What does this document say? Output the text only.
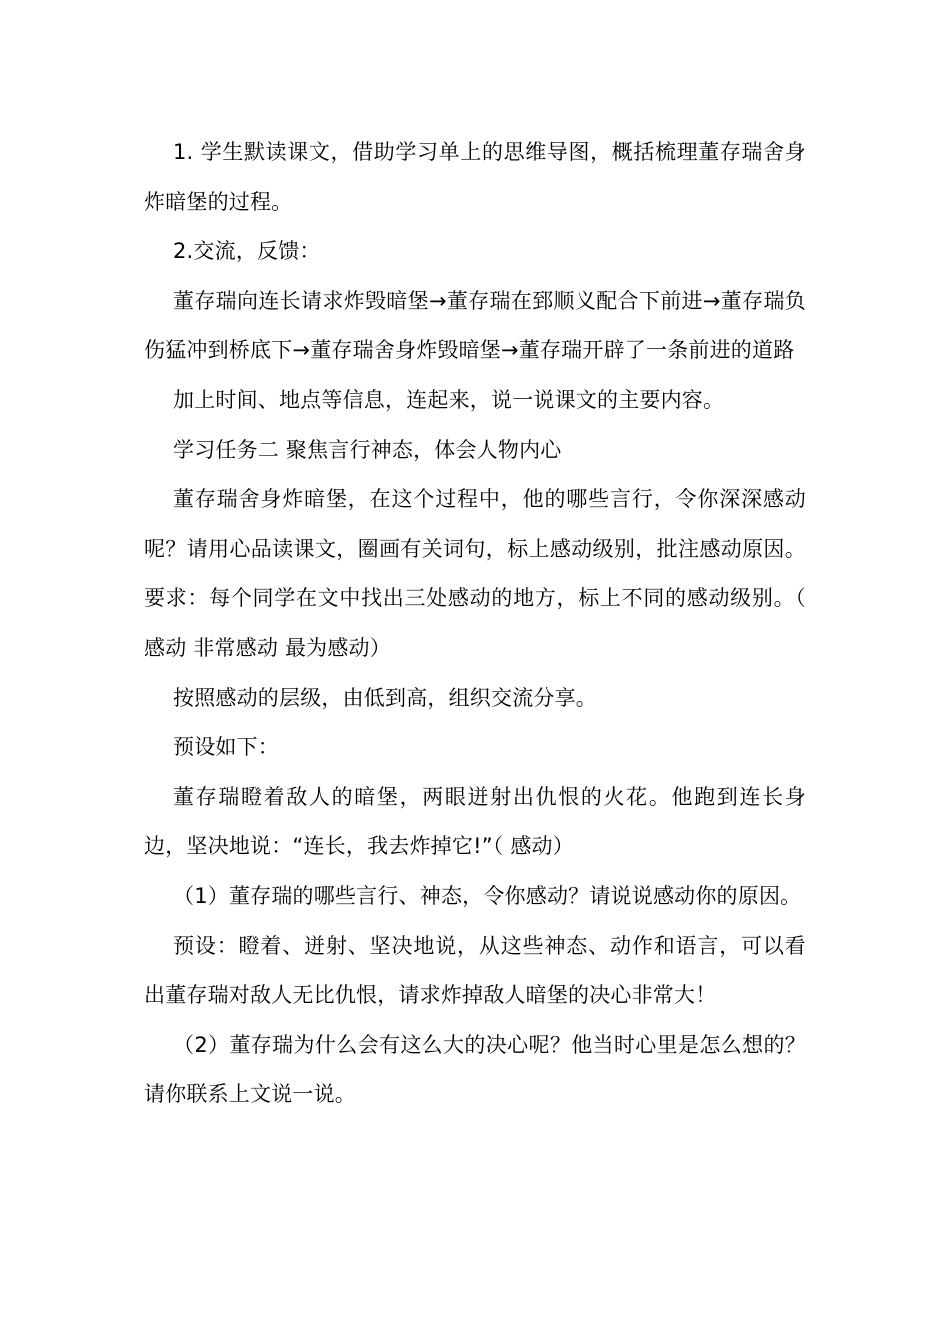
1. 学生默读课文，借助学习单上的思维导图，概括梳理董存瑞舍身炸暗堡的过程。

2.交流，反馈：

董存瑞向连长请求炸毁暗堡→董存瑞在郅顺义配合下前进→董存瑞负伤猛冲到桥底下→董存瑞舍身炸毁暗堡→董存瑞开辟了一条前进的道路

加上时间、地点等信息，连起来，说一说课文的主要内容。

学习任务二 聚焦言行神态，体会人物内心

董存瑞舍身炸暗堡，在这个过程中，他的哪些言行，令你深深感动呢？请用心品读课文，圈画有关词句，标上感动级别，批注感动原因。要求：每个同学在文中找出三处感动的地方，标上不同的感动级别。（ 感动 非常感动 最为感动）

按照感动的层级，由低到高，组织交流分享。

预设如下：

董存瑞瞪着敌人的暗堡，两眼迸射出仇恨的火花。他跑到连长身边，坚决地说：“连长，我去炸掉它!”（ 感动）

（1）董存瑞的哪些言行、神态，令你感动？请说说感动你的原因。

预设：瞪着、迸射、坚决地说，从这些神态、动作和语言，可以看出董存瑞对敌人无比仇恨，请求炸掉敌人暗堡的决心非常大！

（2）董存瑞为什么会有这么大的决心呢？他当时心里是怎么想的？请你联系上文说一说。
